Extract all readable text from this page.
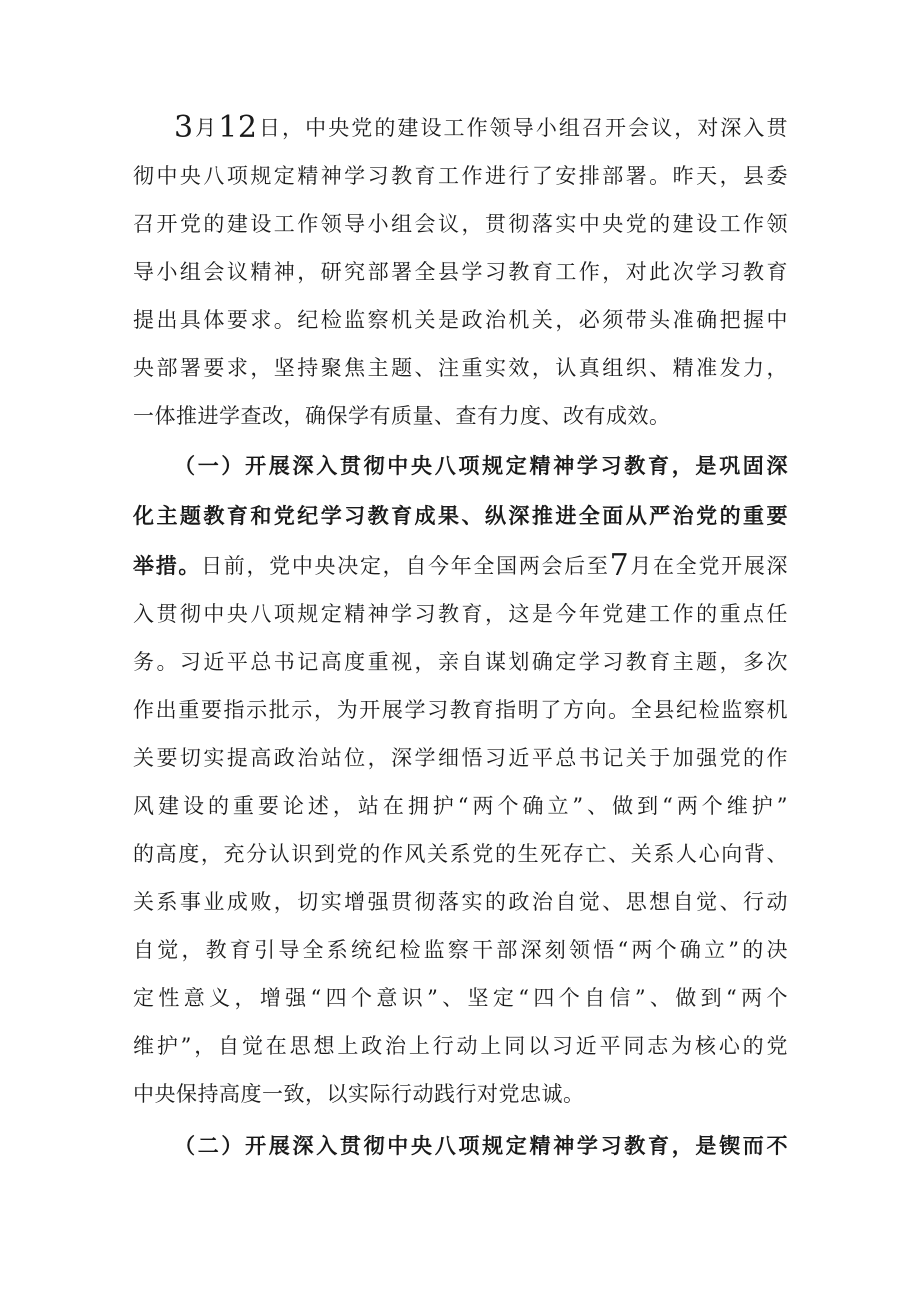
3月12日，中央党的建设工作领导小组召开会议，对深入贯
彻中央八项规定精神学习教育工作进行了安排部署。昨天，县委
召开党的建设工作领导小组会议，贯彻落实中央党的建设工作领
导小组会议精神，研究部署全县学习教育工作，对此次学习教育
提出具体要求。纪检监察机关是政治机关，必须带头准确把握中
央部署要求，坚持聚焦主题、注重实效，认真组织、精准发力，
一体推进学查改，确保学有质量、查有力度、改有成效。
（一）开展深入贯彻中央八项规定精神学习教育，是巩固深
化主题教育和党纪学习教育成果、纵深推进全面从严治党的重要
举措。日前，党中央决定，自今年全国两会后至7月在全党开展深
入贯彻中央八项规定精神学习教育，这是今年党建工作的重点任
务。习近平总书记高度重视，亲自谋划确定学习教育主题，多次
作出重要指示批示，为开展学习教育指明了方向。全县纪检监察机
关要切实提高政治站位，深学细悟习近平总书记关于加强党的作
风建设的重要论述，站在拥护“两个确立”、做到“两个维护”
的高度，充分认识到党的作风关系党的生死存亡、关系人心向背、
关系事业成败，切实增强贯彻落实的政治自觉、思想自觉、行动
自觉，教育引导全系统纪检监察干部深刻领悟“两个确立”的决
定性意义，增强“四个意识”、坚定“四个自信”、做到“两个
维护”，自觉在思想上政治上行动上同以习近平同志为核心的党
中央保持高度一致，以实际行动践行对党忠诚。
（二）开展深入贯彻中央八项规定精神学习教育，是锲而不
